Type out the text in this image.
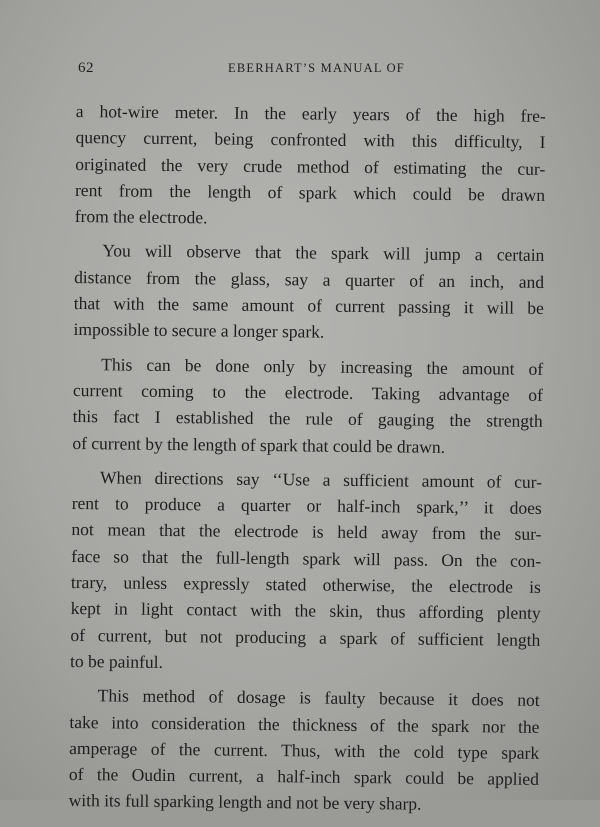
62	EBERHART’S MANUAL OF

a hot-wire meter. In the early years of the high fre-
quency current, being confronted with this difficulty, I
originated the very crude method of estimating the cur-
rent from the length of spark which could be drawn
from the electrode.

You will observe that the spark will jump a certain
distance from the glass, say a quarter of an inch, and
that with the same amount of current passing it will be
impossible to secure a longer spark.

This can be done only by increasing the amount of
current coming to the electrode. Taking advantage of
this fact I established the rule of gauging the strength
of current by the length of spark that could be drawn.

When directions say ‘‘Use a sufficient amount of cur-
rent to produce a quarter or half-inch spark,’’ it does
not mean that the electrode is held away from the sur-
face so that the full-length spark will pass. On the con-
trary, unless expressly stated otherwise, the electrode is
kept in light contact with the skin, thus affording plenty
of current, but not producing a spark of sufficient length
to be painful.

This method of dosage is faulty because it does not
take into consideration the thickness of the spark nor the
amperage of the current. Thus, with the cold type spark
of the Oudin current, a half-inch spark could be applied
with its full sparking length and not be very sharp.
